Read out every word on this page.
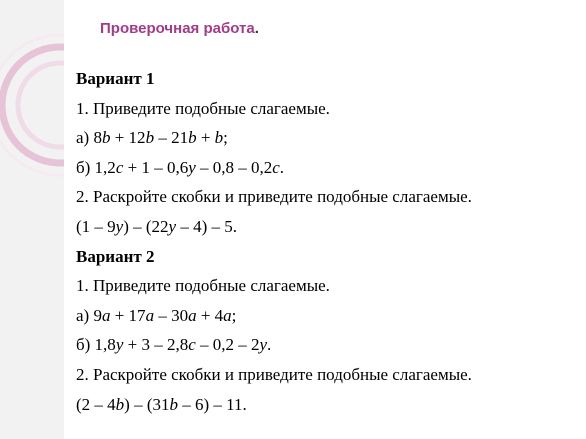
Проверочная работа.
Вариант 1
1. Приведите подобные слагаемые.
а) 8b + 12b – 21b + b;
б) 1,2c + 1 – 0,6y – 0,8 – 0,2c.
2. Раскройте скобки и приведите подобные слагаемые.
(1 – 9y) – (22y – 4) – 5.
Вариант 2
1. Приведите подобные слагаемые.
а) 9a + 17a – 30a + 4a;
б) 1,8y + 3 – 2,8c – 0,2 – 2y.
2. Раскройте скобки и приведите подобные слагаемые.
(2 – 4b) – (31b – 6) – 11.
